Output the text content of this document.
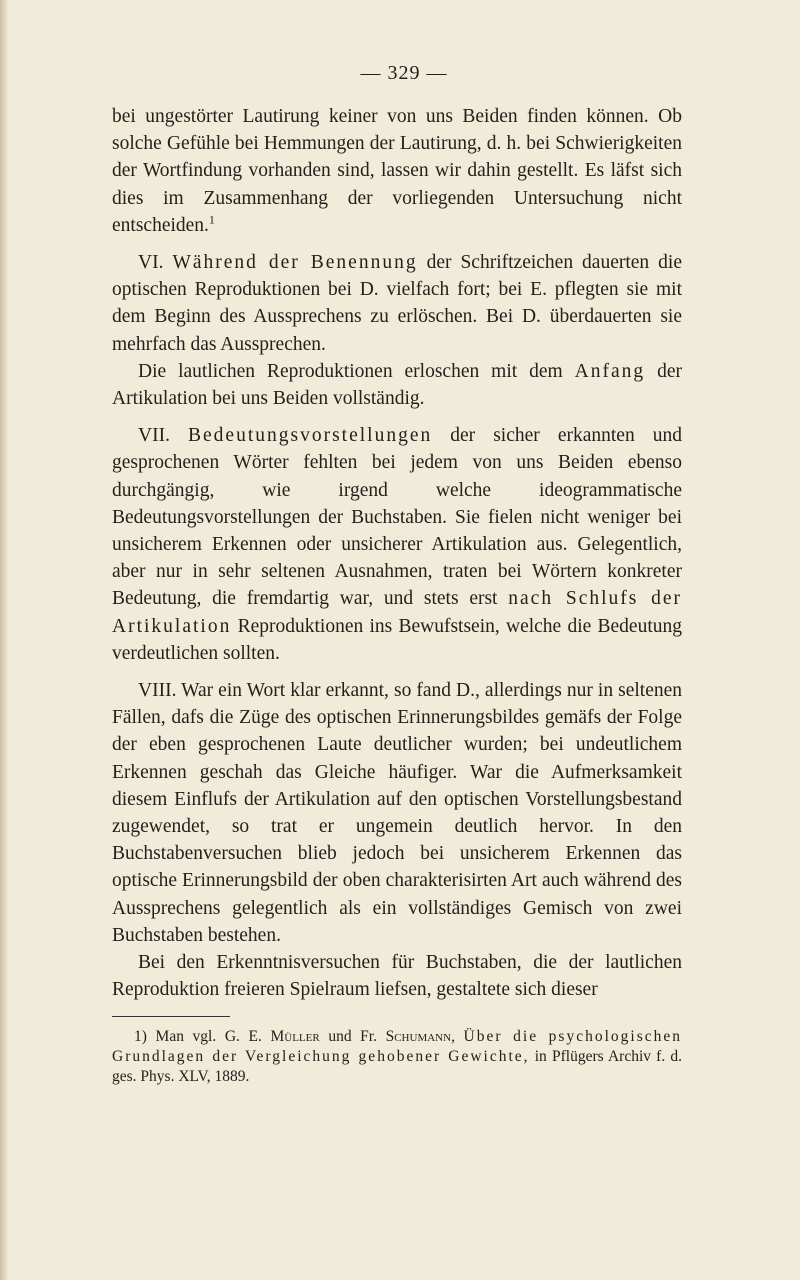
— 329 —

bei ungestörter Lautirung keiner von uns Beiden finden können. Ob solche Gefühle bei Hemmungen der Lautirung, d. h. bei Schwierigkeiten der Wortfindung vorhanden sind, lassen wir dahin gestellt. Es läfst sich dies im Zusammenhang der vorliegenden Untersuchung nicht entscheiden.$^1$

VI. Während der Benennung der Schriftzeichen dauerten die optischen Reproduktionen bei D. vielfach fort; bei E. pflegten sie mit dem Beginn des Aussprechens zu erlöschen. Bei D. überdauerten sie mehrfach das Aussprechen.

Die lautlichen Reproduktionen erloschen mit dem Anfang der Artikulation bei uns Beiden vollständig.

VII. Bedeutungsvorstellungen der sicher erkannten und gesprochenen Wörter fehlten bei jedem von uns Beiden ebenso durchgängig, wie irgend welche ideogrammatische Bedeutungsvorstellungen der Buchstaben. Sie fielen nicht weniger bei unsicherem Erkennen oder unsicherer Artikulation aus. Gelegentlich, aber nur in sehr seltenen Ausnahmen, traten bei Wörtern konkreter Bedeutung, die fremdartig war, und stets erst nach Schlufs der Artikulation Reproduktionen ins Bewufstsein, welche die Bedeutung verdeutlichen sollten.

VIII. War ein Wort klar erkannt, so fand D., allerdings nur in seltenen Fällen, dafs die Züge des optischen Erinnerungsbildes gemäfs der Folge der eben gesprochenen Laute deutlicher wurden; bei undeutlichem Erkennen geschah das Gleiche häufiger. War die Aufmerksamkeit diesem Einflufs der Artikulation auf den optischen Vorstellungsbestand zugewendet, so trat er ungemein deutlich hervor. In den Buchstabenversuchen blieb jedoch bei unsicherem Erkennen das optische Erinnerungsbild der oben charakterisirten Art auch während des Aussprechens gelegentlich als ein vollständiges Gemisch von zwei Buchstaben bestehen.

Bei den Erkenntnisversuchen für Buchstaben, die der lautlichen Reproduktion freieren Spielraum liefsen, gestaltete sich dieser

1) Man vgl. G. E. Müller und Fr. Schumann, Über die psychologischen Grundlagen der Vergleichung gehobener Gewichte, in Pflügers Archiv f. d. ges. Phys. XLV, 1889.
